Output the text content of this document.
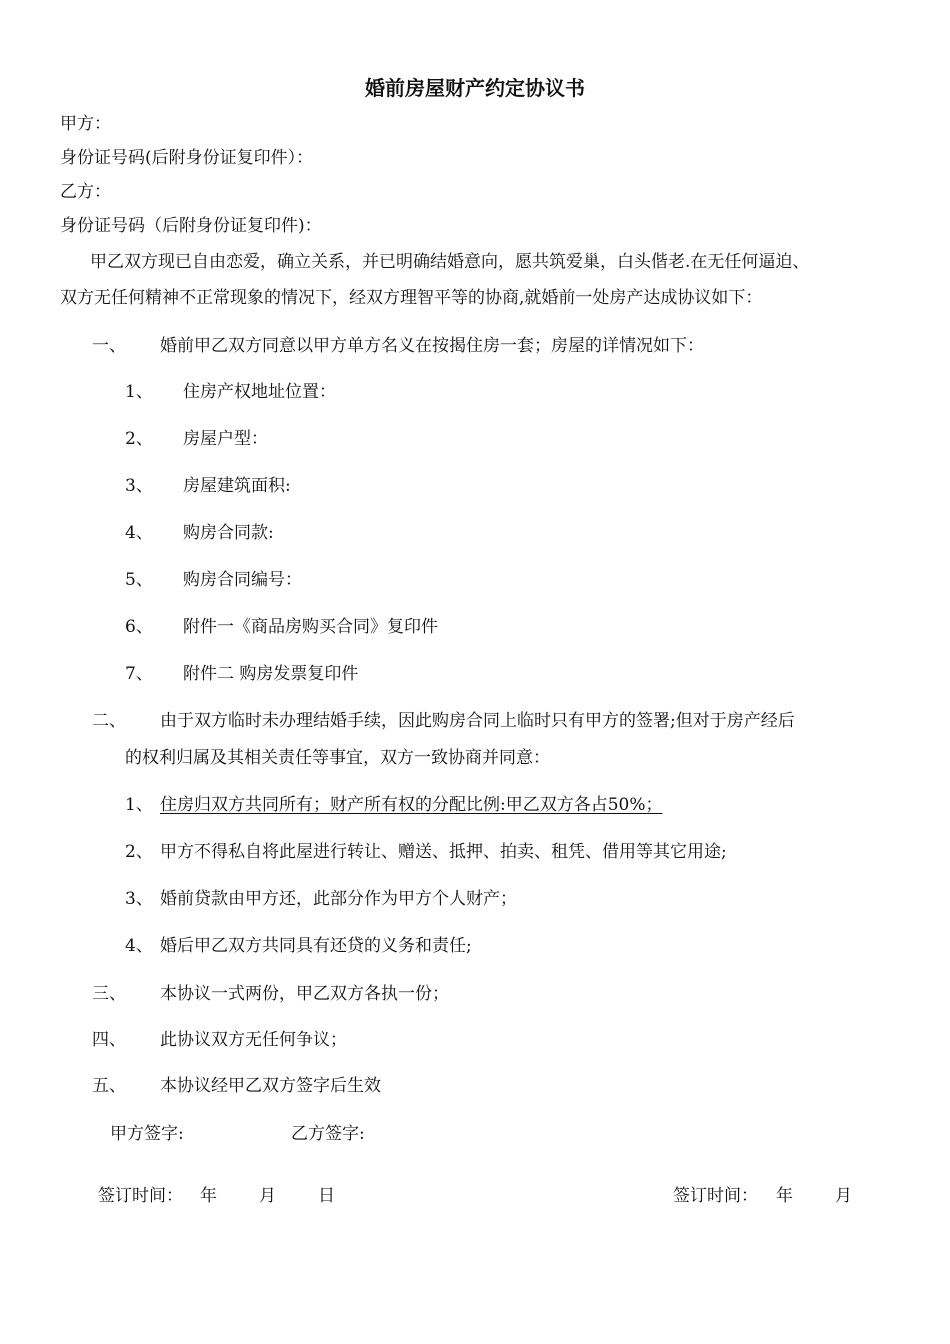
婚前房屋财产约定协议书
甲方：
身份证号码(后附身份证复印件）：
乙方：
身份证号码（后附身份证复印件)：
甲乙双方现已自由恋爱，确立关系，并已明确结婚意向，愿共筑爱巢，白头偕老.在无任何逼迫、
双方无任何精神不正常现象的情况下，经双方理智平等的协商,就婚前一处房产达成协议如下：
一、 婚前甲乙双方同意以甲方单方名义在按揭住房一套；房屋的详情况如下：
1、 住房产权地址位置：
2、 房屋户型：
3、 房屋建筑面积:
4、 购房合同款:
5、 购房合同编号：
6、 附件一《商品房购买合同》复印件
7、 附件二 购房发票复印件
二、 由于双方临时未办理结婚手续，因此购房合同上临时只有甲方的签署;但对于房产经后
的权利归属及其相关责任等事宜，双方一致协商并同意：
1、 住房归双方共同所有；财产所有权的分配比例:甲乙双方各占50%；
2、 甲方不得私自将此屋进行转让、赠送、抵押、拍卖、租凭、借用等其它用途;
3、 婚前贷款由甲方还，此部分作为甲方个人财产；
4、 婚后甲乙双方共同具有还贷的义务和责任;
三、 本协议一式两份，甲乙双方各执一份；
四、 此协议双方无任何争议；
五、 本协议经甲乙双方签字后生效
甲方签字:	乙方签字:
签订时间： 年 月 日	签订时间： 年 月
